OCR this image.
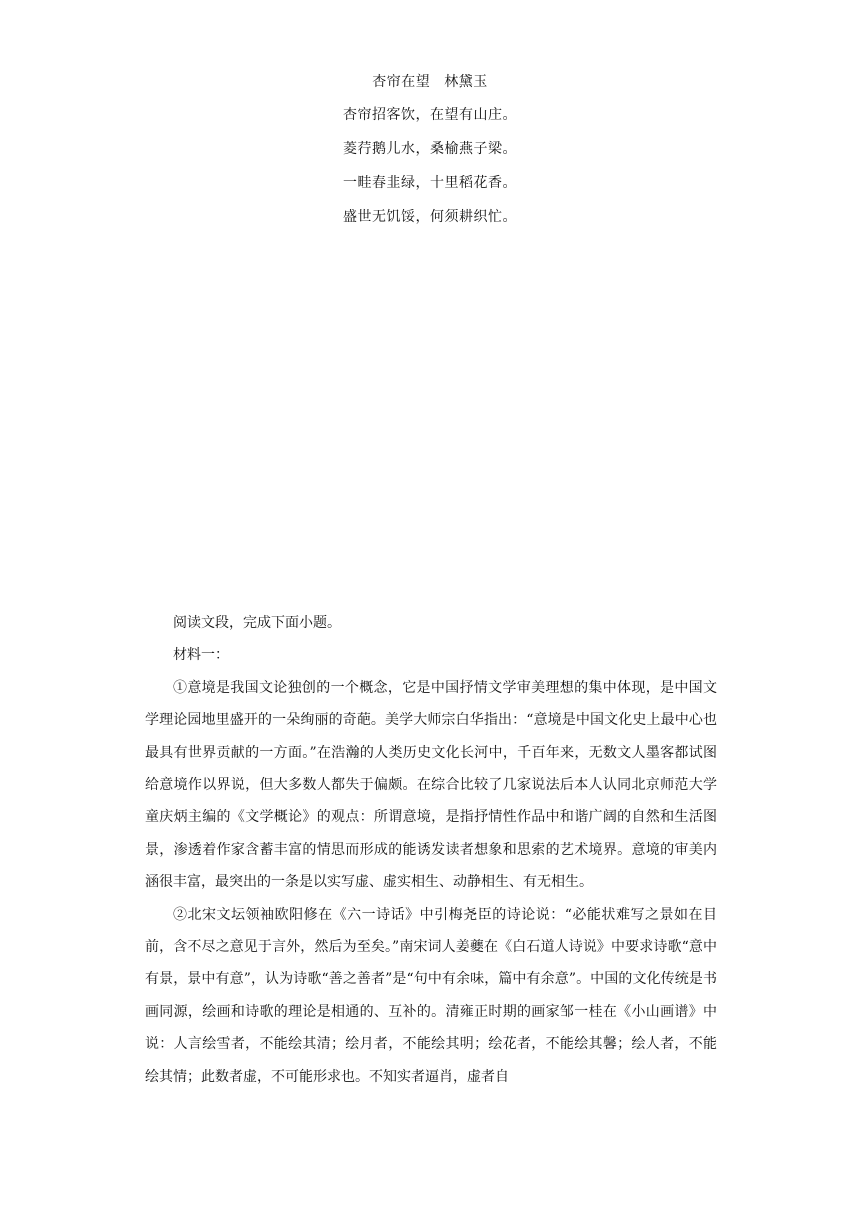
杏帘在望 林黛玉
杏帘招客饮，在望有山庄。
菱荇鹅儿水，桑榆燕子梁。
一畦春韭绿，十里稻花香。
盛世无饥馁，何须耕织忙。

阅读文段，完成下面小题。

材料一：

①意境是我国文论独创的一个概念，它是中国抒情文学审美理想的集中体现，是中国文学理论园地里盛开的一朵绚丽的奇葩。美学大师宗白华指出：“意境是中国文化史上最中心也最具有世界贡献的一方面。”在浩瀚的人类历史文化长河中，千百年来，无数文人墨客都试图给意境作以界说，但大多数人都失于偏颇。在综合比较了几家说法后本人认同北京师范大学童庆炳主编的《文学概论》的观点：所谓意境，是指抒情性作品中和谐广阔的自然和生活图景，渗透着作家含蓄丰富的情思而形成的能诱发读者想象和思索的艺术境界。意境的审美内涵很丰富，最突出的一条是以实写虚、虚实相生、动静相生、有无相生。

②北宋文坛领袖欧阳修在《六一诗话》中引梅尧臣的诗论说：“必能状难写之景如在目前，含不尽之意见于言外，然后为至矣。”南宋词人姜夔在《白石道人诗说》中要求诗歌“意中有景，景中有意”，认为诗歌“善之善者”是“句中有余味，篇中有余意”。中国的文化传统是书画同源，绘画和诗歌的理论是相通的、互补的。清雍正时期的画家邹一桂在《小山画谱》中说：人言绘雪者，不能绘其清；绘月者，不能绘其明；绘花者，不能绘其馨；绘人者，不能绘其情；此数者虚，不可能形求也。不知实者逼肖，虚者自
